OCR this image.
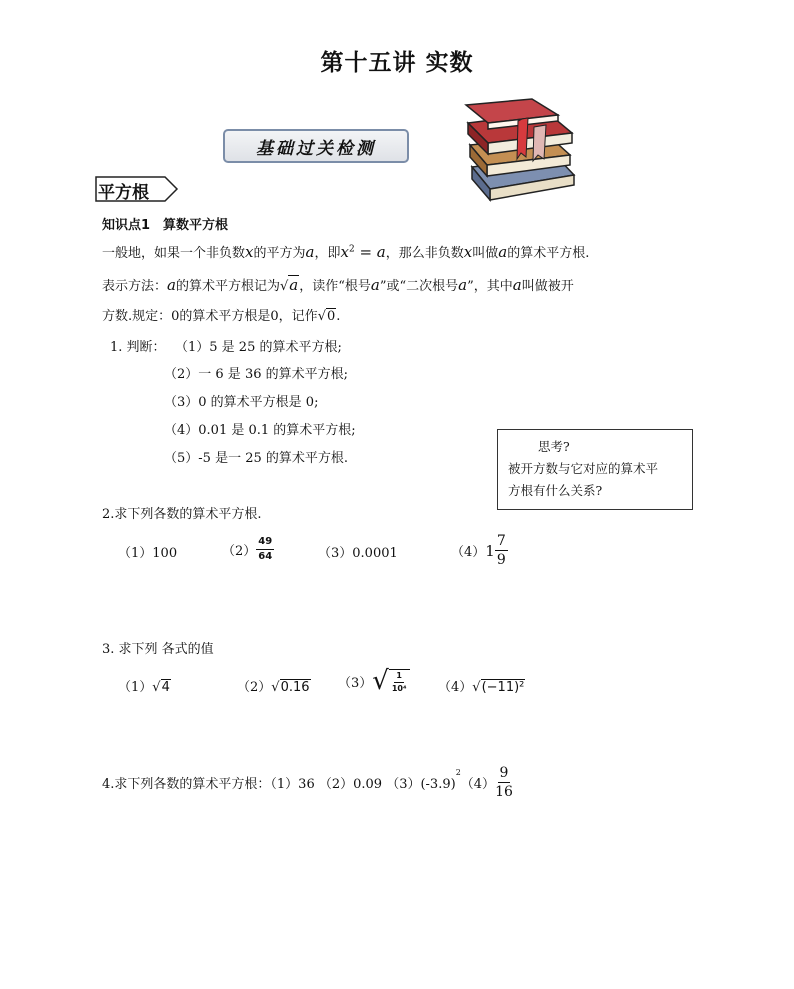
第十五讲 实数
基础过关检测
平方根
知识点1　算数平方根
一般地，如果一个非负数x的平方为a，即$x^2 = a$，那么非负数x叫做a的算术平方根.
表示方法：a的算术平方根记为√a，读作“根号a”或“二次根号a”，其中a叫做被开
方数.规定：0的算术平方根是0，记作√0.
1. 判断： （1）5 是 25 的算术平方根;
（2）一 6 是 36 的算术平方根;
（3）0 的算术平方根是 0;
（4）0.01 是 0.1 的算术平方根;
（5）-5 是一 25 的算术平方根.
思考?
被开方数与它对应的算术平
方根有什么关系?
2.求下列各数的算术平方根.
（1）100	$(2) \frac{49}{64}$	（3）0.0001	（4） $1 \frac{7}{9}$
3. 求下列 各式的值
（1）√4	（2）√0.16 （3） √ $\frac{1}{\text{10⁴}} (4)√(-11)^2$
4.求下列各数的算术平方根：（1）36 （2）0.09 （3）(-3.9)
$^2$
$(4) \frac{9}{16}$
